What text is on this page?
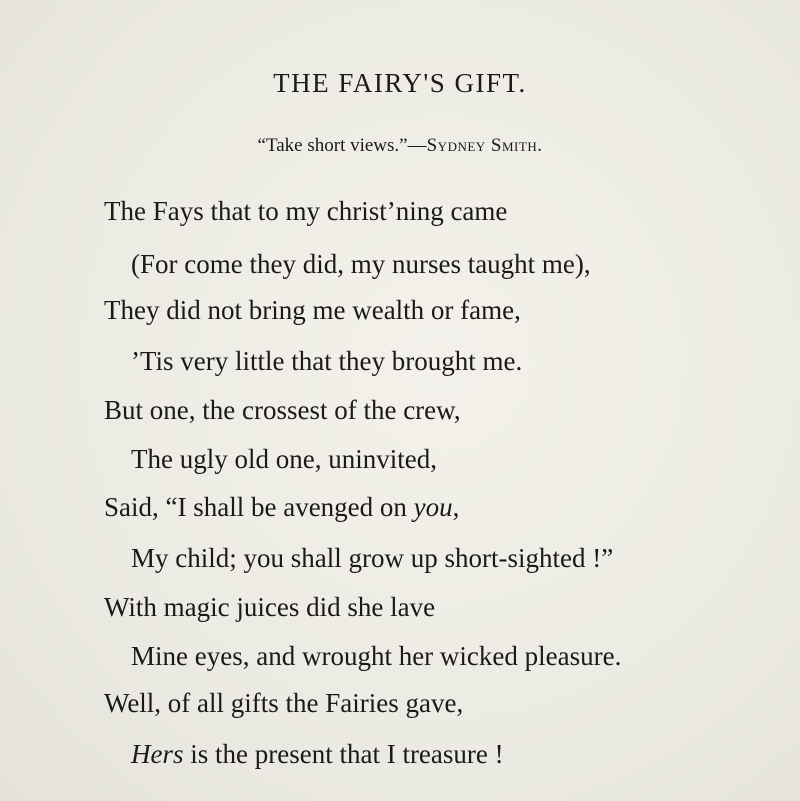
THE FAIRY'S GIFT.
“Take short views.”—Sydney Smith.
The Fays that to my christ’ning came
(For come they did, my nurses taught me),
They did not bring me wealth or fame,
’Tis very little that they brought me.
But one, the crossest of the crew,
The ugly old one, uninvited,
Said, “I shall be avenged on you,
My child; you shall grow up short-sighted !”
With magic juices did she lave
Mine eyes, and wrought her wicked pleasure.
Well, of all gifts the Fairies gave,
Hers is the present that I treasure !
